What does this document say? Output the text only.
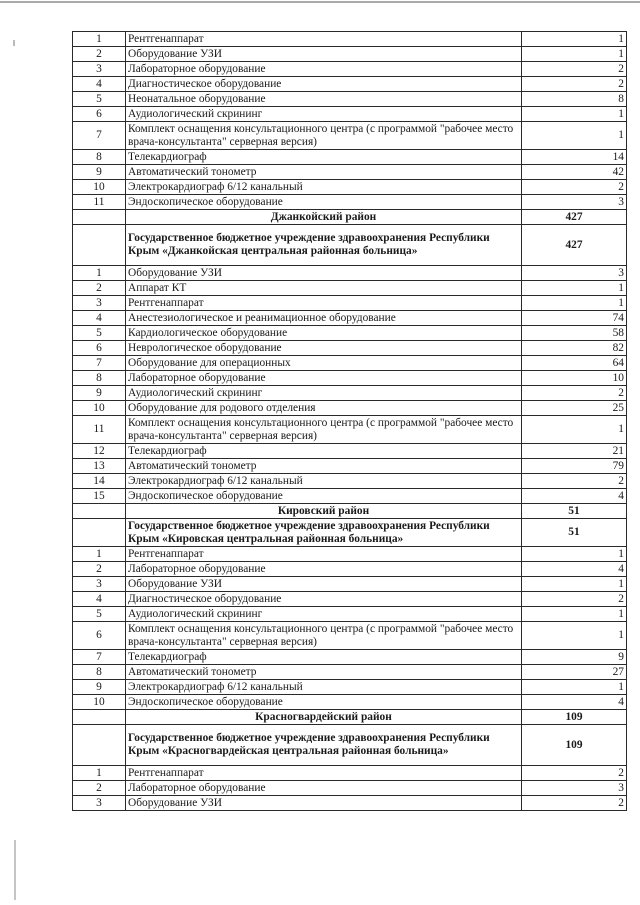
1	Рентгенаппарат	1
2	Оборудование УЗИ	1
3	Лабораторное оборудование	2
4	Диагностическое оборудование	2
5	Неонатальное оборудование	8
6	Аудиологический скрининг	1
7	Комплект оснащения консультационного центра (с программой "рабочее место врача-консультанта" серверная версия)	1
8	Телекардиограф	14
9	Автоматический тонометр	42
10	Электрокардиограф 6/12 канальный	2
11	Эндоскопическое оборудование	3
	Джанкойский район	427
	Государственное бюджетное учреждение здравоохранения Республики Крым «Джанкойская центральная районная больница»	427
1	Оборудование УЗИ	3
2	Аппарат КТ	1
3	Рентгенаппарат	1
4	Анестезиологическое и реанимационное оборудование	74
5	Кардиологическое оборудование	58
6	Неврологическое оборудование	82
7	Оборудование для операционных	64
8	Лабораторное оборудование	10
9	Аудиологический скрининг	2
10	Оборудование для родового отделения	25
11	Комплект оснащения консультационного центра (с программой "рабочее место врача-консультанта" серверная версия)	1
12	Телекардиограф	21
13	Автоматический тонометр	79
14	Электрокардиограф 6/12 канальный	2
15	Эндоскопическое оборудование	4
	Кировский район	51
	Государственное бюджетное учреждение здравоохранения Республики Крым «Кировская центральная районная больница»	51
1	Рентгенаппарат	1
2	Лабораторное оборудование	4
3	Оборудование УЗИ	1
4	Диагностическое оборудование	2
5	Аудиологический скрининг	1
6	Комплект оснащения консультационного центра (с программой "рабочее место врача-консультанта" серверная версия)	1
7	Телекардиограф	9
8	Автоматический тонометр	27
9	Электрокардиограф 6/12 канальный	1
10	Эндоскопическое оборудование	4
	Красногвардейский район	109
	Государственное бюджетное учреждение здравоохранения Республики Крым «Красногвардейская центральная районная больница»	109
1	Рентгенаппарат	2
2	Лабораторное оборудование	3
3	Оборудование УЗИ	2
